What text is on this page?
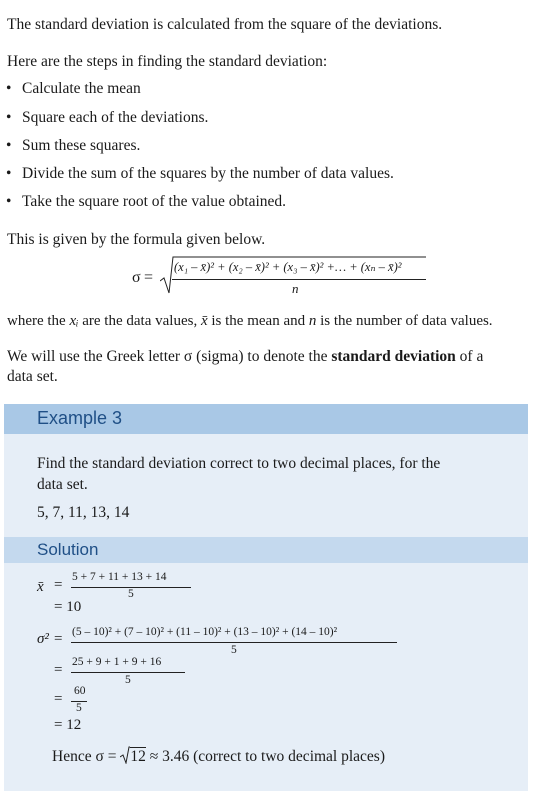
The standard deviation is calculated from the square of the deviations.
Here are the steps in finding the standard deviation:
• Calculate the mean
• Square each of the deviations.
• Sum these squares.
• Divide the sum of the squares by the number of data values.
• Take the square root of the value obtained.
This is given by the formula given below.
σ =
(x₁ – x̄)² + (x₂ – x̄)² + (x₃ – x̄)² +… + (xₙ – x̄)²
n
where the xᵢ are the data values, x̄ is the mean and n is the number of data values.
We will use the Greek letter σ (sigma) to denote the standard deviation of a
data set.
Example 3
Find the standard deviation correct to two decimal places, for the
data set.
5, 7, 11, 13, 14
Solution
x̄ = 5 + 7 + 11 + 13 + 14
5
= 10
σ² = (5 – 10)² + (7 – 10)² + (11 – 10)² + (13 – 10)² + (14 – 10)²
5
= 25 + 9 + 1 + 9 + 16
5
= 60
5
= 12
Hence σ = 12 ≈ 3.46 (correct to two decimal places)
